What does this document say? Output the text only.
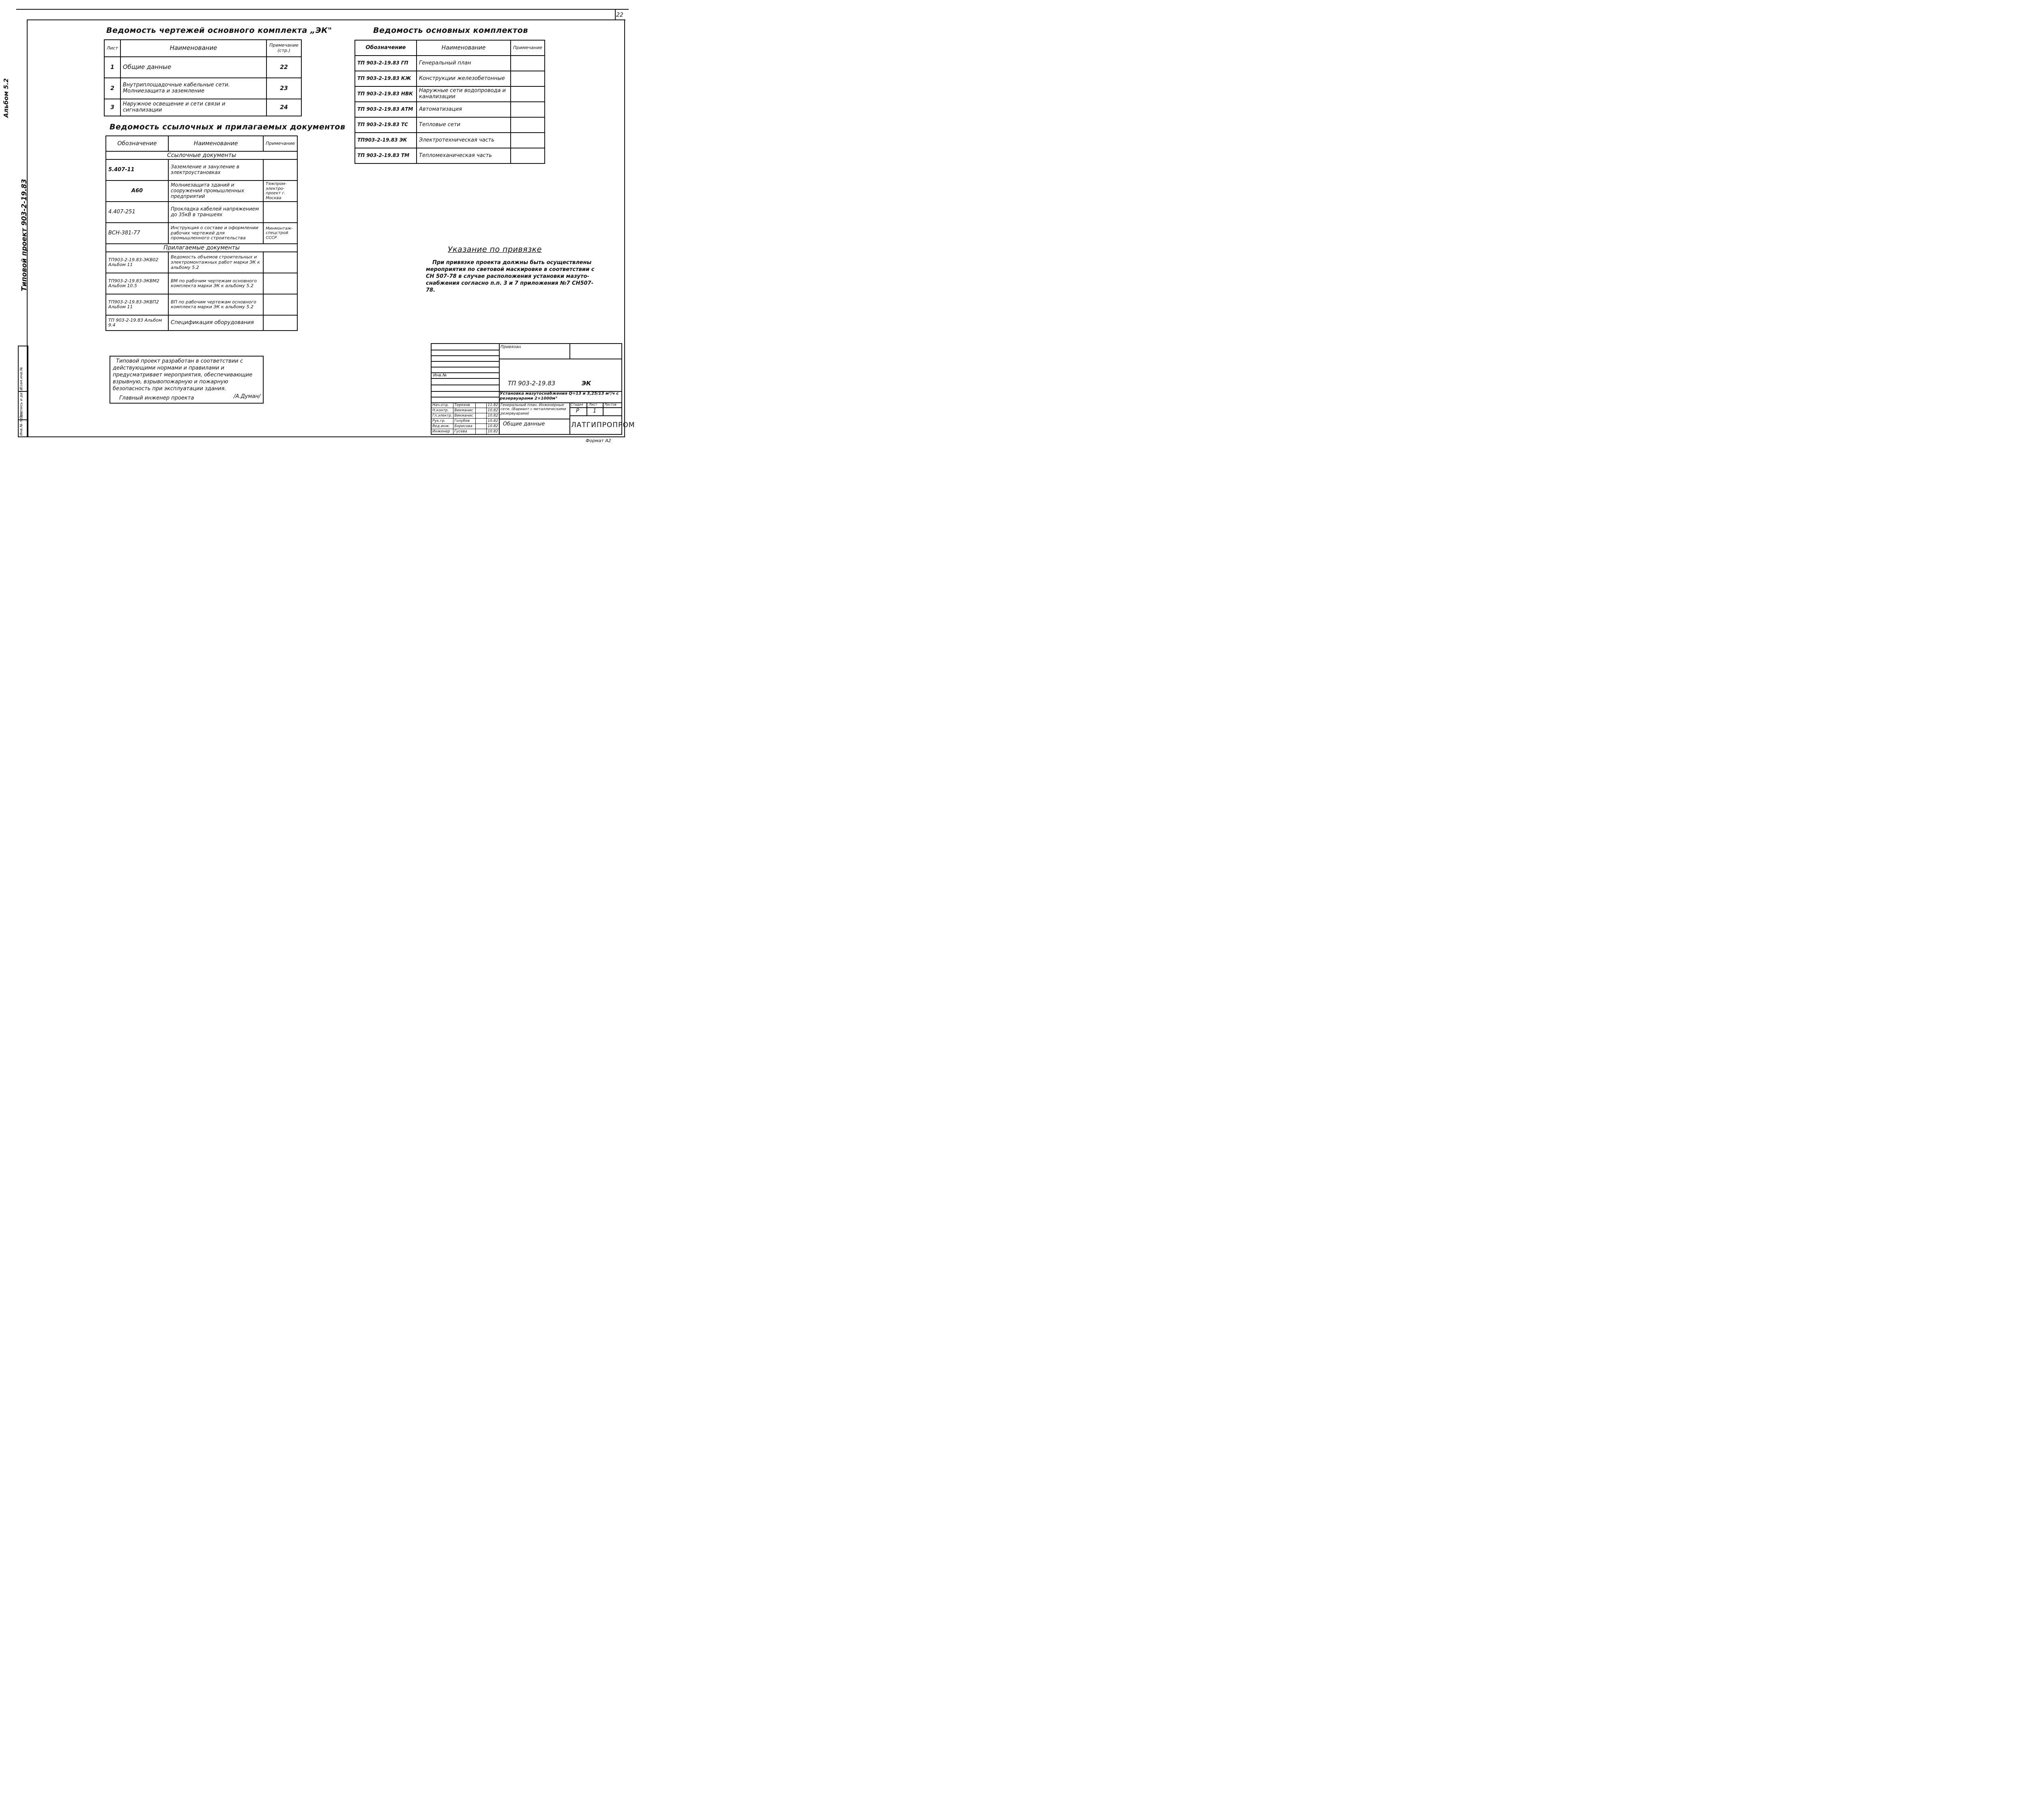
22
Альбом 5.2
Типовой проект 903-2-19.83
Инв.№ подл.
Подпись и дата
Взам.инв.№
Ведомость чертежей основного комплекта „ЭК"
Лист	Наименование	Примечание (стр.)
1	Общие данные	22
2	Внутриплощадочные кабельные сети. Молниезащита и заземление	23
3	Наружное освещение и сети связи и сигнализации	24
Ведомость ссылочных и прилагаемых документов
Обозначение	Наименование	Примечание
Ссылочные документы		
5.407-11	Заземление и зануление в электроустановках	
А60	Молниезащита зданий и сооружений промышленных предприятий	Тяжпром-электро-проект г. Москва
4.407-251	Прокладка кабелей напряжением до 35кВ в траншеях	
ВСН-381-77	Инструкция о составе и оформлении рабочих чертежей для промышленного строительства	Минмонтаж-спецстрой СССР
Прилагаемые документы		
ТП903-2-19.83-ЭКВ02 Альбом 11	Ведомость объемов строительных и электромонтажных работ марки ЭК к альбому 5.2	
ТП903-2-19.83-ЭКВМ2 Альбом 10.5	ВМ по рабочим чертежам основного комплекта марки ЭК к альбому 5.2	
ТП903-2-19.83-ЭКВП2 Альбом 11	ВП по рабочим чертежам основного комплекта марки ЭК к альбому 5.2	
ТП 903-2-19.83 Альбом 9.4	Спецификация оборудования	
Ведомость основных комплектов
Обозначение	Наименование	Примечание
ТП 903-2-19.83 ГП	Генеральный план	
ТП 903-2-19.83 КЖ	Конструкции железобетонные	
ТП 903-2-19.83 НВК	Наружные сети водопровода и канализации	
ТП 903-2-19.83 АТМ	Автоматизация	
ТП 903-2-19.83 ТС	Тепловые сети	
ТП903-2-19.83 ЭК	Электротехническая часть	
ТП 903-2-19.83 ТМ	Тепломеханическая часть	
Указание по привязке
При привязке проекта должны быть осуществлены мероприятия по световой маскировке в соответствии с СН 507-78 в случае расположения установки мазуто-снабжения согласно п.п. 3 и 7 приложения №7 СН507-78.
Типовой проект разработан в соответствии с действующими нормами и правилами и предусматривает мероприятия, обеспечивающие взрывную, взрывопожарную и пожарную безопасность при эксплуатации здания.
Главный инженер проекта	/А.Думан/
Инв.№
Привязан
ТП 903-2-19.83	ЭК
Установка мазутоснабжения Q=13 и 3,25/13 м³/ч с резервуарами 2×1000м³
Генеральный план. Инженерные сети. (Вариант с металлическими резервуарами)
Общие данные
Стадия Лист Листов
Р	1
ЛАТГИПРОПРОМ
Нач.отд.	Терехов		11.82
Н.контр.	Викманис		10.82
Гл.электр.	Викманис		10.82
Рук.гр.	Голубев		10.82
Вед.инж.	Борисова		10.82
Инженер	Гусева		10.82
Формат А2
